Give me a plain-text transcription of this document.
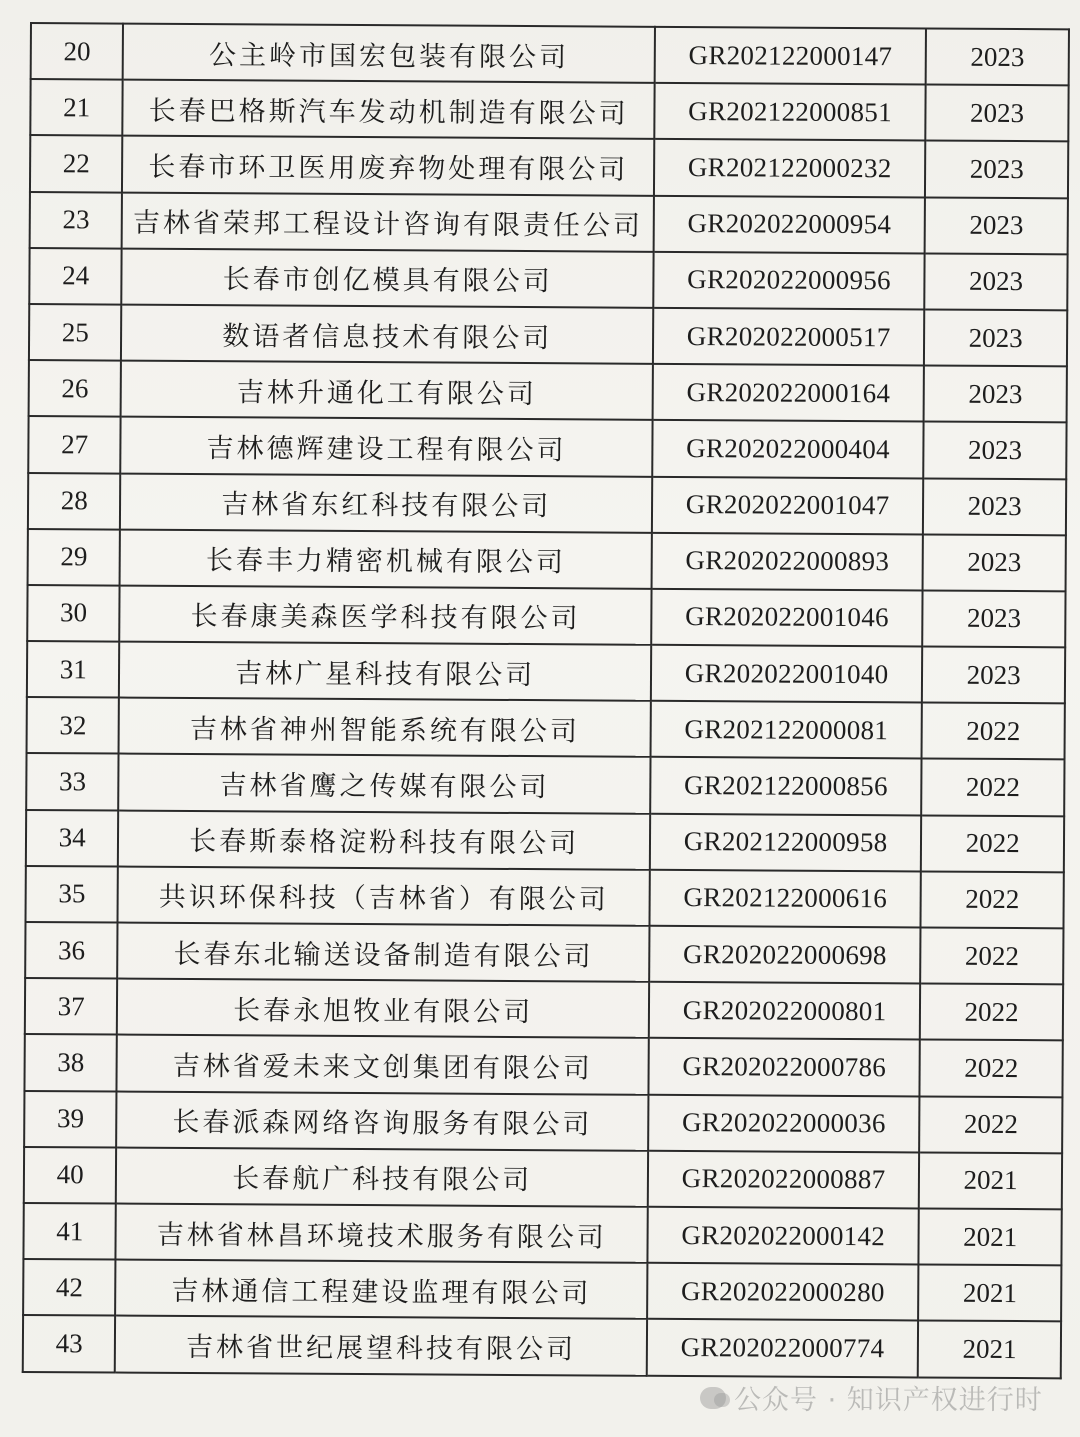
20	公主岭市国宏包装有限公司	GR202122000147	2023
21	长春巴格斯汽车发动机制造有限公司	GR202122000851	2023
22	长春市环卫医用废弃物处理有限公司	GR202122000232	2023
23	吉林省荣邦工程设计咨询有限责任公司	GR202022000954	2023
24	长春市创亿模具有限公司	GR202022000956	2023
25	数语者信息技术有限公司	GR202022000517	2023
26	吉林升通化工有限公司	GR202022000164	2023
27	吉林德辉建设工程有限公司	GR202022000404	2023
28	吉林省东红科技有限公司	GR202022001047	2023
29	长春丰力精密机械有限公司	GR202022000893	2023
30	长春康美森医学科技有限公司	GR202022001046	2023
31	吉林广星科技有限公司	GR202022001040	2023
32	吉林省神州智能系统有限公司	GR202122000081	2022
33	吉林省鹰之传媒有限公司	GR202122000856	2022
34	长春斯泰格淀粉科技有限公司	GR202122000958	2022
35	共识环保科技（吉林省）有限公司	GR202122000616	2022
36	长春东北输送设备制造有限公司	GR202022000698	2022
37	长春永旭牧业有限公司	GR202022000801	2022
38	吉林省爱未来文创集团有限公司	GR202022000786	2022
39	长春派森网络咨询服务有限公司	GR202022000036	2022
40	长春航广科技有限公司	GR202022000887	2021
41	吉林省林昌环境技术服务有限公司	GR202022000142	2021
42	吉林通信工程建设监理有限公司	GR202022000280	2021
43	吉林省世纪展望科技有限公司	GR202022000774	2021
公众号 · 知识产权进行时
